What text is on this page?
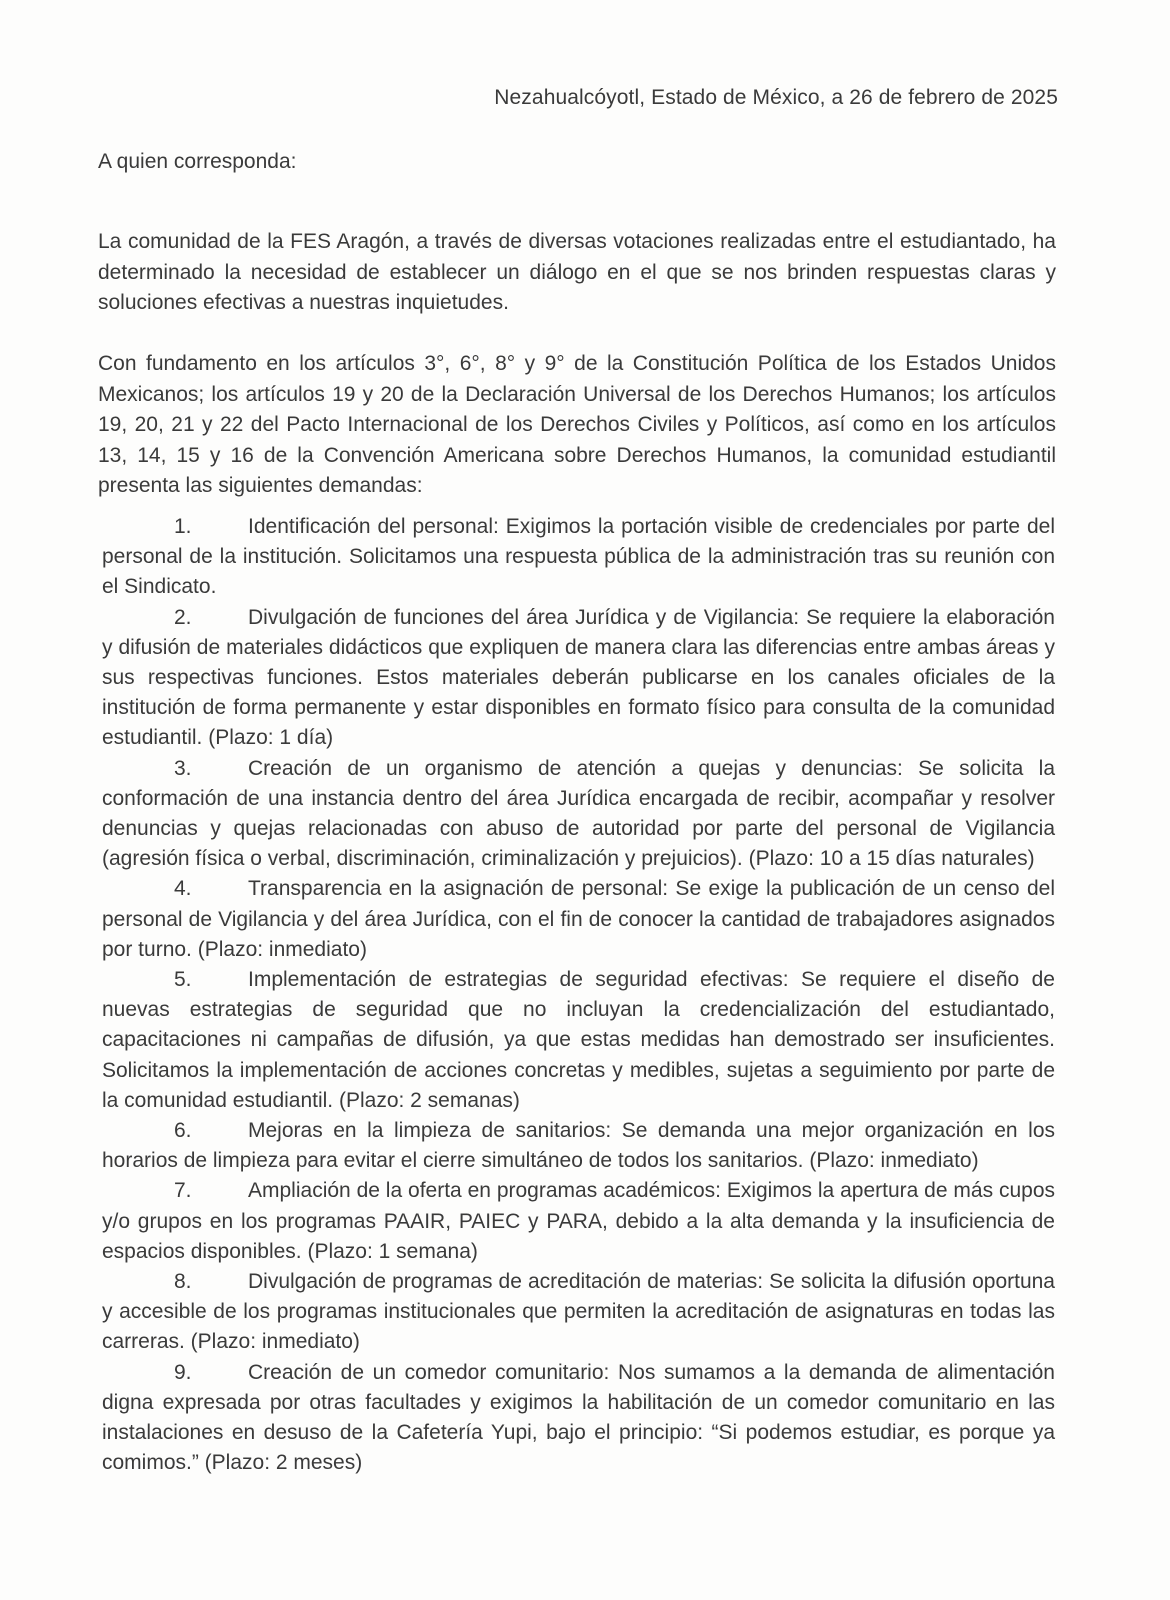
Nezahualcóyotl, Estado de México, a 26 de febrero de 2025
A quien corresponda:

La comunidad de la FES Aragón, a través de diversas votaciones realizadas entre el estudiantado, ha determinado la necesidad de establecer un diálogo en el que se nos brinden respuestas claras y soluciones efectivas a nuestras inquietudes.

Con fundamento en los artículos 3°, 6°, 8° y 9° de la Constitución Política de los Estados Unidos Mexicanos; los artículos 19 y 20 de la Declaración Universal de los Derechos Humanos; los artículos 19, 20, 21 y 22 del Pacto Internacional de los Derechos Civiles y Políticos, así como en los artículos 13, 14, 15 y 16 de la Convención Americana sobre Derechos Humanos, la comunidad estudiantil presenta las siguientes demandas:

1.	Identificación del personal: Exigimos la portación visible de credenciales por parte del personal de la institución. Solicitamos una respuesta pública de la administración tras su reunión con el Sindicato.
2.	Divulgación de funciones del área Jurídica y de Vigilancia: Se requiere la elaboración y difusión de materiales didácticos que expliquen de manera clara las diferencias entre ambas áreas y sus respectivas funciones. Estos materiales deberán publicarse en los canales oficiales de la institución de forma permanente y estar disponibles en formato físico para consulta de la comunidad estudiantil. (Plazo: 1 día)
3.	Creación de un organismo de atención a quejas y denuncias: Se solicita la conformación de una instancia dentro del área Jurídica encargada de recibir, acompañar y resolver denuncias y quejas relacionadas con abuso de autoridad por parte del personal de Vigilancia (agresión física o verbal, discriminación, criminalización y prejuicios). (Plazo: 10 a 15 días naturales)
4.	Transparencia en la asignación de personal: Se exige la publicación de un censo del personal de Vigilancia y del área Jurídica, con el fin de conocer la cantidad de trabajadores asignados por turno. (Plazo: inmediato)
5.	Implementación de estrategias de seguridad efectivas: Se requiere el diseño de nuevas estrategias de seguridad que no incluyan la credencialización del estudiantado, capacitaciones ni campañas de difusión, ya que estas medidas han demostrado ser insuficientes. Solicitamos la implementación de acciones concretas y medibles, sujetas a seguimiento por parte de la comunidad estudiantil. (Plazo: 2 semanas)
6.	Mejoras en la limpieza de sanitarios: Se demanda una mejor organización en los horarios de limpieza para evitar el cierre simultáneo de todos los sanitarios. (Plazo: inmediato)
7.	Ampliación de la oferta en programas académicos: Exigimos la apertura de más cupos y/o grupos en los programas PAAIR, PAIEC y PARA, debido a la alta demanda y la insuficiencia de espacios disponibles. (Plazo: 1 semana)
8.	Divulgación de programas de acreditación de materias: Se solicita la difusión oportuna y accesible de los programas institucionales que permiten la acreditación de asignaturas en todas las carreras. (Plazo: inmediato)
9.	Creación de un comedor comunitario: Nos sumamos a la demanda de alimentación digna expresada por otras facultades y exigimos la habilitación de un comedor comunitario en las instalaciones en desuso de la Cafetería Yupi, bajo el principio: “Si podemos estudiar, es porque ya comimos.” (Plazo: 2 meses)
